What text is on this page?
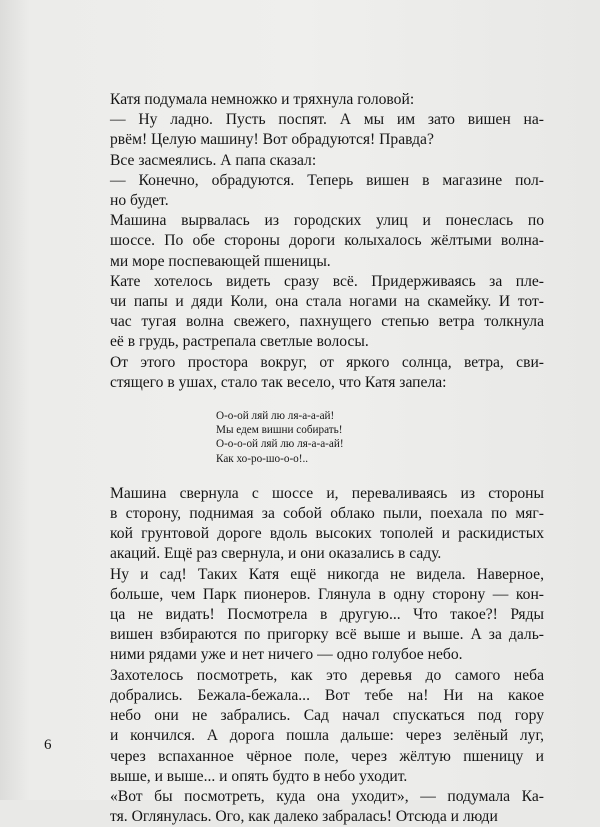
Катя подумала немножко и тряхнула головой:
— Ну ладно. Пусть поспят. А мы им зато вишен на-
рвём! Целую машину! Вот обрадуются! Правда?
Все засмеялись. А папа сказал:
— Конечно, обрадуются. Теперь вишен в магазине пол-
но будет.
Машина вырвалась из городских улиц и понеслась по
шоссе. По обе стороны дороги колыхалось жёлтыми волна-
ми море поспевающей пшеницы.
Кате хотелось видеть сразу всё. Придерживаясь за пле-
чи папы и дяди Коли, она стала ногами на скамейку. И тот-
час тугая волна свежего, пахнущего степью ветра толкнула
её в грудь, растрепала светлые волосы.
От этого простора вокруг, от яркого солнца, ветра, сви-
стящего в ушах, стало так весело, что Катя запела:
О-о-ой ляй лю ля-а-а-ай!
Мы едем вишни собирать!
О-о-о-ой ляй лю ля-а-а-ай!
Как хо-ро-шо-о-о!..
Машина свернула с шоссе и, переваливаясь из стороны
в сторону, поднимая за собой облако пыли, поехала по мяг-
кой грунтовой дороге вдоль высоких тополей и раскидистых
акаций. Ещё раз свернула, и они оказались в саду.
Ну и сад! Таких Катя ещё никогда не видела. Наверное,
больше, чем Парк пионеров. Глянула в одну сторону — кон-
ца не видать! Посмотрела в другую... Что такое?! Ряды
вишен взбираются по пригорку всё выше и выше. А за даль-
ними рядами уже и нет ничего — одно голубое небо.
Захотелось посмотреть, как это деревья до самого неба
добрались. Бежала-бежала... Вот тебе на! Ни на какое
небо они не забрались. Сад начал спускаться под гору
и кончился. А дорога пошла дальше: через зелёный луг,
через вспаханное чёрное поле, через жёлтую пшеницу и
выше, и выше... и опять будто в небо уходит.
«Вот бы посмотреть, куда она уходит», — подумала Ка-
тя. Оглянулась. Ого, как далеко забралась! Отсюда и люди
6
